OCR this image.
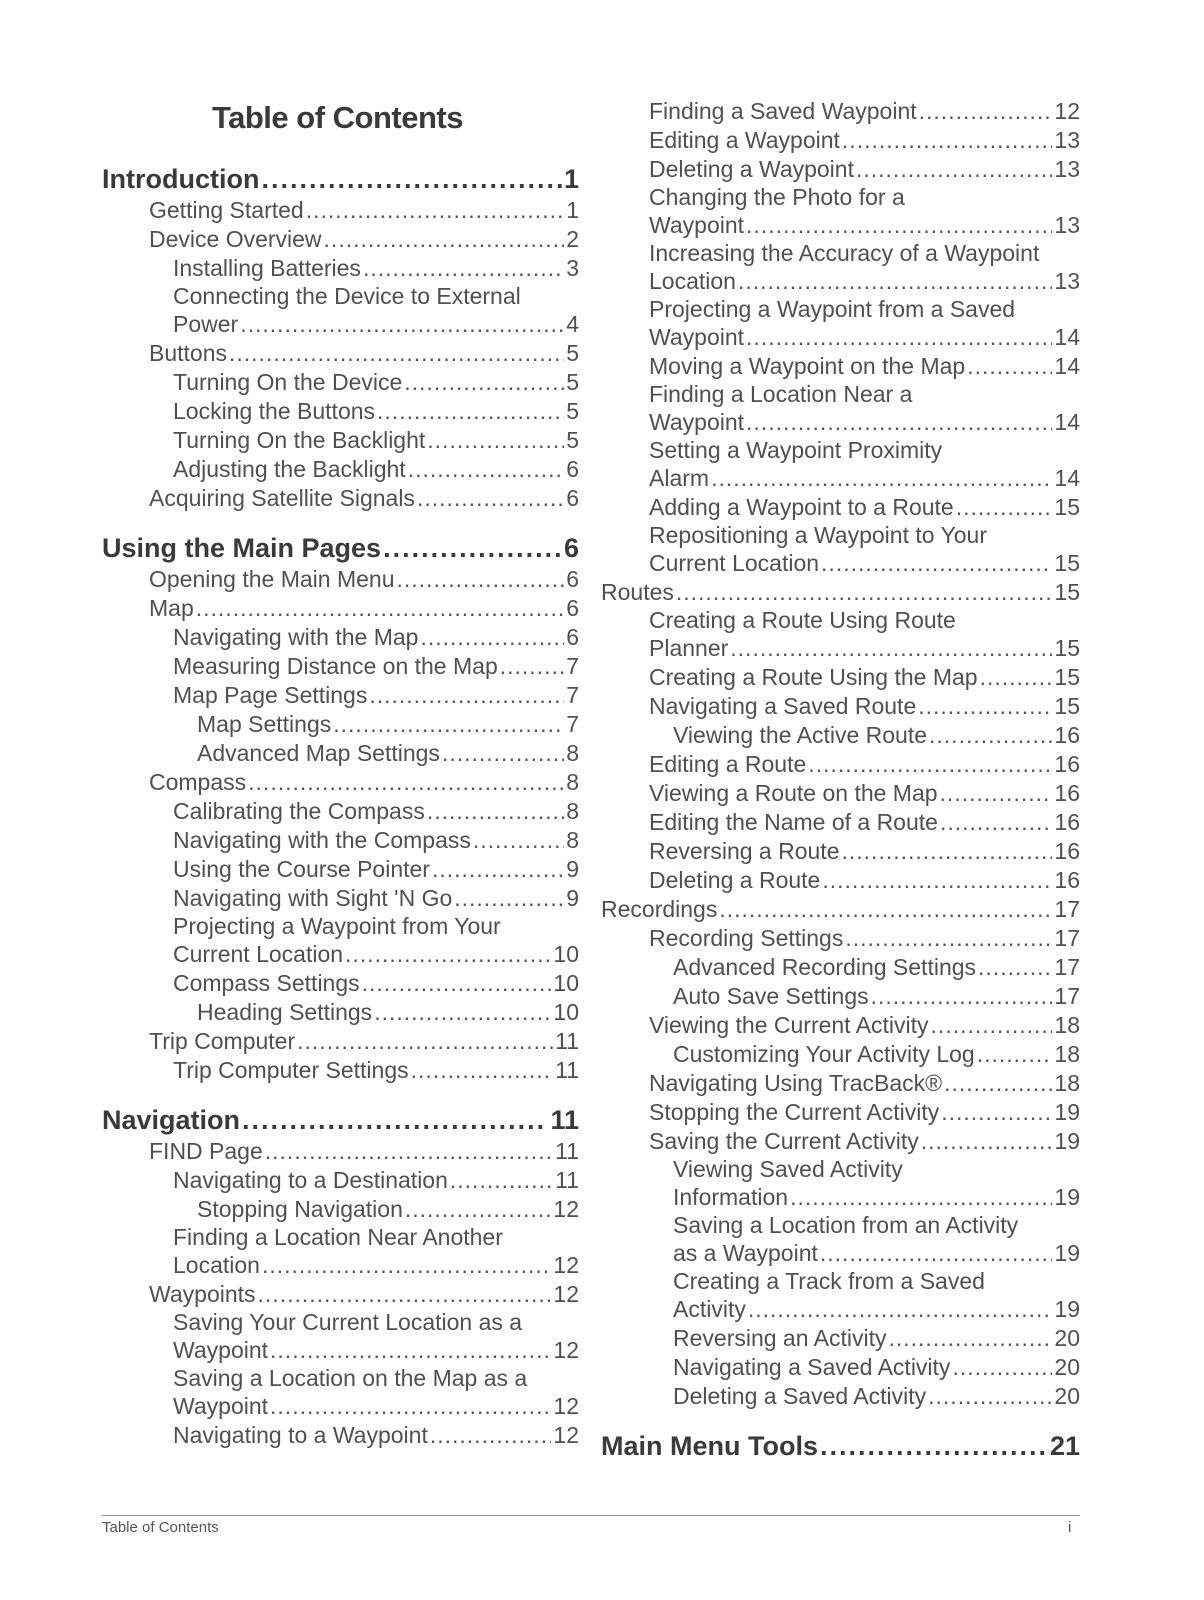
Table of Contents
Introduction .....	1
Getting Started .....	1
Device Overview .....	2
Installing Batteries .....	3
Connecting the Device to External
Power .....	4
Buttons .....	5
Turning On the Device .....	5
Locking the Buttons .....	5
Turning On the Backlight .....	5
Adjusting the Backlight .....	6
Acquiring Satellite Signals .....	6
Using the Main Pages .....	6
Opening the Main Menu .....	6
Map .....	6
Navigating with the Map .....	6
Measuring Distance on the Map .....	7
Map Page Settings .....	7
Map Settings .....	7
Advanced Map Settings .....	8
Compass .....	8
Calibrating the Compass .....	8
Navigating with the Compass .....	8
Using the Course Pointer .....	9
Navigating with Sight 'N Go .....	9
Projecting a Waypoint from Your
Current Location .....	10
Compass Settings .....	10
Heading Settings .....	10
Trip Computer .....	11
Trip Computer Settings .....	11
Navigation .....	11
FIND Page .....	11
Navigating to a Destination .....	11
Stopping Navigation .....	12
Finding a Location Near Another
Location .....	12
Waypoints .....	12
Saving Your Current Location as a
Waypoint .....	12
Saving a Location on the Map as a
Waypoint .....	12
Navigating to a Waypoint .....	12
Finding a Saved Waypoint .....	12
Editing a Waypoint .....	13
Deleting a Waypoint .....	13
Changing the Photo for a
Waypoint .....	13
Increasing the Accuracy of a Waypoint
Location .....	13
Projecting a Waypoint from a Saved
Waypoint .....	14
Moving a Waypoint on the Map .....	14
Finding a Location Near a
Waypoint .....	14
Setting a Waypoint Proximity
Alarm .....	14
Adding a Waypoint to a Route .....	15
Repositioning a Waypoint to Your
Current Location .....	15
Routes .....	15
Creating a Route Using Route
Planner .....	15
Creating a Route Using the Map .....	15
Navigating a Saved Route .....	15
Viewing the Active Route .....	16
Editing a Route .....	16
Viewing a Route on the Map .....	16
Editing the Name of a Route .....	16
Reversing a Route .....	16
Deleting a Route .....	16
Recordings .....	17
Recording Settings .....	17
Advanced Recording Settings .....	17
Auto Save Settings .....	17
Viewing the Current Activity .....	18
Customizing Your Activity Log .....	18
Navigating Using TracBack® .....	18
Stopping the Current Activity .....	19
Saving the Current Activity .....	19
Viewing Saved Activity
Information .....	19
Saving a Location from an Activity
as a Waypoint .....	19
Creating a Track from a Saved
Activity .....	19
Reversing an Activity .....	20
Navigating a Saved Activity .....	20
Deleting a Saved Activity .....	20
Main Menu Tools .....	21
Table of Contents	i
